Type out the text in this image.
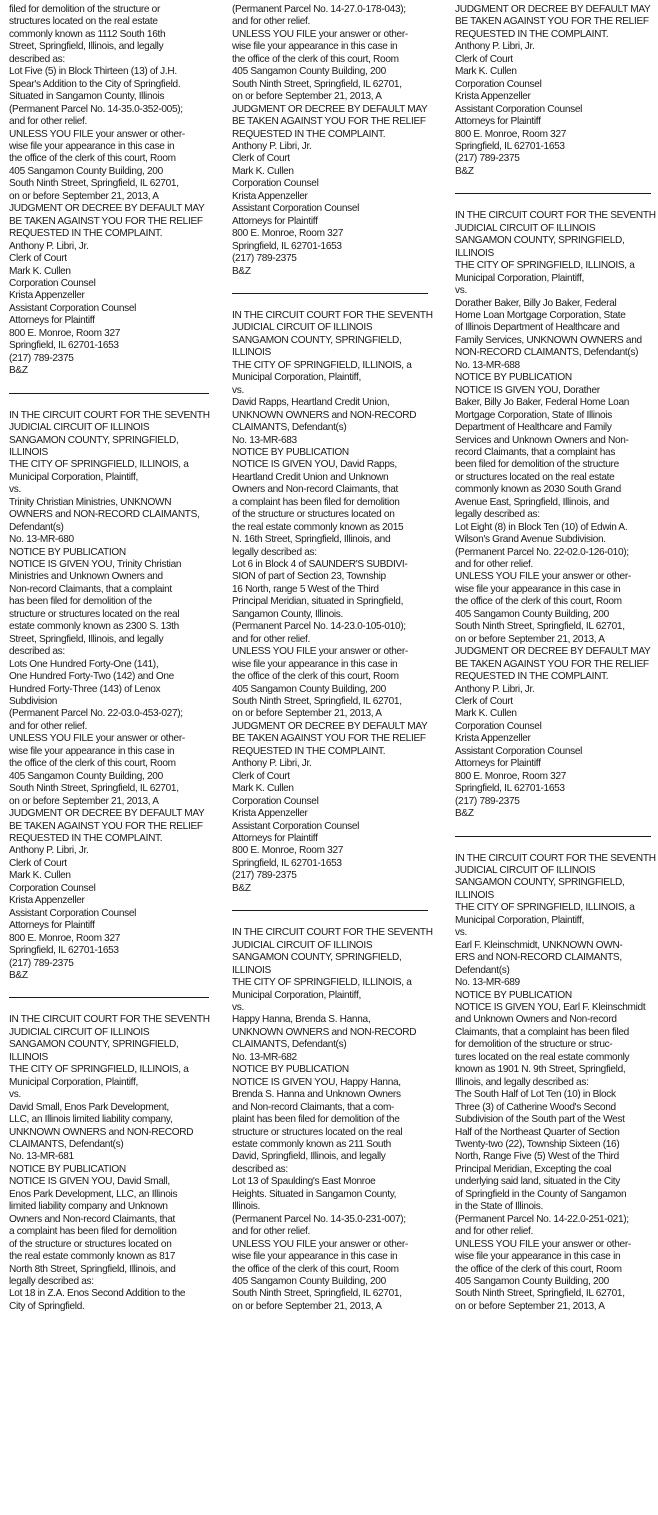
filed for demolition of the structure or
structures located on the real estate
commonly known as 1112 South 16th
Street, Springfield, Illinois, and legally
described as:
Lot Five (5) in Block Thirteen (13) of J.H.
Spear's Addition to the City of Springfield.
Situated in Sangamon County, Illinois
(Permanent Parcel No. 14-35.0-352-005);
and for other relief.
UNLESS YOU FILE your answer or other-
wise file your appearance in this case in
the office of the clerk of this court, Room
405 Sangamon County Building, 200
South Ninth Street, Springfield, IL 62701,
on or before September 21, 2013, A
JUDGMENT OR DECREE BY DEFAULT MAY
BE TAKEN AGAINST YOU FOR THE RELIEF
REQUESTED IN THE COMPLAINT.
Anthony P. Libri, Jr.
Clerk of Court
Mark K. Cullen
Corporation Counsel
Krista Appenzeller
Assistant Corporation Counsel
Attorneys for Plaintiff
800 E. Monroe, Room 327
Springfield, IL 62701-1653
(217) 789-2375
B&Z
IN THE CIRCUIT COURT FOR THE SEVENTH
JUDICIAL CIRCUIT OF ILLINOIS
SANGAMON COUNTY, SPRINGFIELD,
ILLINOIS
THE CITY OF SPRINGFIELD, ILLINOIS, a
Municipal Corporation, Plaintiff,
vs.
Trinity Christian Ministries, UNKNOWN
OWNERS and NON-RECORD CLAIMANTS,
Defendant(s)
No. 13-MR-680
NOTICE BY PUBLICATION
NOTICE IS GIVEN YOU, Trinity Christian
Ministries and Unknown Owners and
Non-record Claimants, that a complaint
has been filed for demolition of the
structure or structures located on the real
estate commonly known as 2300 S. 13th
Street, Springfield, Illinois, and legally
described as:
Lots One Hundred Forty-One (141),
One Hundred Forty-Two (142) and One
Hundred Forty-Three (143) of Lenox
Subdivision
(Permanent Parcel No. 22-03.0-453-027);
and for other relief.
UNLESS YOU FILE your answer or other-
wise file your appearance in this case in
the office of the clerk of this court, Room
405 Sangamon County Building, 200
South Ninth Street, Springfield, IL 62701,
on or before September 21, 2013, A
JUDGMENT OR DECREE BY DEFAULT MAY
BE TAKEN AGAINST YOU FOR THE RELIEF
REQUESTED IN THE COMPLAINT.
Anthony P. Libri, Jr.
Clerk of Court
Mark K. Cullen
Corporation Counsel
Krista Appenzeller
Assistant Corporation Counsel
Attorneys for Plaintiff
800 E. Monroe, Room 327
Springfield, IL 62701-1653
(217) 789-2375
B&Z
IN THE CIRCUIT COURT FOR THE SEVENTH
JUDICIAL CIRCUIT OF ILLINOIS
SANGAMON COUNTY, SPRINGFIELD,
ILLINOIS
THE CITY OF SPRINGFIELD, ILLINOIS, a
Municipal Corporation, Plaintiff,
vs.
David Small, Enos Park Development,
LLC, an Illinois limited liability company,
UNKNOWN OWNERS and NON-RECORD
CLAIMANTS, Defendant(s)
No. 13-MR-681
NOTICE BY PUBLICATION
NOTICE IS GIVEN YOU, David Small,
Enos Park Development, LLC, an Illinois
limited liability company and Unknown
Owners and Non-record Claimants, that
a complaint has been filed for demolition
of the structure or structures located on
the real estate commonly known as 817
North 8th Street, Springfield, Illinois, and
legally described as:
Lot 18 in Z.A. Enos Second Addition to the
City of Springfield.
(Permanent Parcel No. 14-27.0-178-043);
and for other relief.
UNLESS YOU FILE your answer or other-
wise file your appearance in this case in
the office of the clerk of this court, Room
405 Sangamon County Building, 200
South Ninth Street, Springfield, IL 62701,
on or before September 21, 2013, A
JUDGMENT OR DECREE BY DEFAULT MAY
BE TAKEN AGAINST YOU FOR THE RELIEF
REQUESTED IN THE COMPLAINT.
Anthony P. Libri, Jr.
Clerk of Court
Mark K. Cullen
Corporation Counsel
Krista Appenzeller
Assistant Corporation Counsel
Attorneys for Plaintiff
800 E. Monroe, Room 327
Springfield, IL 62701-1653
(217) 789-2375
B&Z
IN THE CIRCUIT COURT FOR THE SEVENTH
JUDICIAL CIRCUIT OF ILLINOIS
SANGAMON COUNTY, SPRINGFIELD,
ILLINOIS
THE CITY OF SPRINGFIELD, ILLINOIS, a
Municipal Corporation, Plaintiff,
vs.
David Rapps, Heartland Credit Union,
UNKNOWN OWNERS and NON-RECORD
CLAIMANTS, Defendant(s)
No. 13-MR-683
NOTICE BY PUBLICATION
NOTICE IS GIVEN YOU, David Rapps,
Heartland Credit Union and Unknown
Owners and Non-record Claimants, that
a complaint has been filed for demolition
of the structure or structures located on
the real estate commonly known as 2015
N. 16th Street, Springfield, Illinois, and
legally described as:
Lot 6 in Block 4 of SAUNDER'S SUBDIVI-
SION of part of Section 23, Township
16 North, range 5 West of the Third
Principal Meridian, situated in Springfield,
Sangamon County, Illinois.
(Permanent Parcel No. 14-23.0-105-010);
and for other relief.
UNLESS YOU FILE your answer or other-
wise file your appearance in this case in
the office of the clerk of this court, Room
405 Sangamon County Building, 200
South Ninth Street, Springfield, IL 62701,
on or before September 21, 2013, A
JUDGMENT OR DECREE BY DEFAULT MAY
BE TAKEN AGAINST YOU FOR THE RELIEF
REQUESTED IN THE COMPLAINT.
Anthony P. Libri, Jr.
Clerk of Court
Mark K. Cullen
Corporation Counsel
Krista Appenzeller
Assistant Corporation Counsel
Attorneys for Plaintiff
800 E. Monroe, Room 327
Springfield, IL 62701-1653
(217) 789-2375
B&Z
IN THE CIRCUIT COURT FOR THE SEVENTH
JUDICIAL CIRCUIT OF ILLINOIS
SANGAMON COUNTY, SPRINGFIELD,
ILLINOIS
THE CITY OF SPRINGFIELD, ILLINOIS, a
Municipal Corporation, Plaintiff,
vs.
Happy Hanna, Brenda S. Hanna,
UNKNOWN OWNERS and NON-RECORD
CLAIMANTS, Defendant(s)
No. 13-MR-682
NOTICE BY PUBLICATION
NOTICE IS GIVEN YOU, Happy Hanna,
Brenda S. Hanna and Unknown Owners
and Non-record Claimants, that a com-
plaint has been filed for demolition of the
structure or structures located on the real
estate commonly known as 211 South
David, Springfield, Illinois, and legally
described as:
Lot 13 of Spaulding's East Monroe
Heights. Situated in Sangamon County,
Illinois.
(Permanent Parcel No. 14-35.0-231-007);
and for other relief.
UNLESS YOU FILE your answer or other-
wise file your appearance in this case in
the office of the clerk of this court, Room
405 Sangamon County Building, 200
South Ninth Street, Springfield, IL 62701,
on or before September 21, 2013, A
JUDGMENT OR DECREE BY DEFAULT MAY
BE TAKEN AGAINST YOU FOR THE RELIEF
REQUESTED IN THE COMPLAINT.
Anthony P. Libri, Jr.
Clerk of Court
Mark K. Cullen
Corporation Counsel
Krista Appenzeller
Assistant Corporation Counsel
Attorneys for Plaintiff
800 E. Monroe, Room 327
Springfield, IL 62701-1653
(217) 789-2375
B&Z
IN THE CIRCUIT COURT FOR THE SEVENTH
JUDICIAL CIRCUIT OF ILLINOIS
SANGAMON COUNTY, SPRINGFIELD,
ILLINOIS
THE CITY OF SPRINGFIELD, ILLINOIS, a
Municipal Corporation, Plaintiff,
vs.
Dorather Baker, Billy Jo Baker, Federal
Home Loan Mortgage Corporation, State
of Illinois Department of Healthcare and
Family Services, UNKNOWN OWNERS and
NON-RECORD CLAIMANTS, Defendant(s)
No. 13-MR-688
NOTICE BY PUBLICATION
NOTICE IS GIVEN YOU, Dorather
Baker, Billy Jo Baker, Federal Home Loan
Mortgage Corporation, State of Illinois
Department of Healthcare and Family
Services and Unknown Owners and Non-
record Claimants, that a complaint has
been filed for demolition of the structure
or structures located on the real estate
commonly known as 2030 South Grand
Avenue East, Springfield, Illinois, and
legally described as:
Lot Eight (8) in Block Ten (10) of Edwin A.
Wilson's Grand Avenue Subdivision.
(Permanent Parcel No. 22-02.0-126-010);
and for other relief.
UNLESS YOU FILE your answer or other-
wise file your appearance in this case in
the office of the clerk of this court, Room
405 Sangamon County Building, 200
South Ninth Street, Springfield, IL 62701,
on or before September 21, 2013, A
JUDGMENT OR DECREE BY DEFAULT MAY
BE TAKEN AGAINST YOU FOR THE RELIEF
REQUESTED IN THE COMPLAINT.
Anthony P. Libri, Jr.
Clerk of Court
Mark K. Cullen
Corporation Counsel
Krista Appenzeller
Assistant Corporation Counsel
Attorneys for Plaintiff
800 E. Monroe, Room 327
Springfield, IL 62701-1653
(217) 789-2375
B&Z
IN THE CIRCUIT COURT FOR THE SEVENTH
JUDICIAL CIRCUIT OF ILLINOIS
SANGAMON COUNTY, SPRINGFIELD,
ILLINOIS
THE CITY OF SPRINGFIELD, ILLINOIS, a
Municipal Corporation, Plaintiff,
vs.
Earl F. Kleinschmidt, UNKNOWN OWN-
ERS and NON-RECORD CLAIMANTS,
Defendant(s)
No. 13-MR-689
NOTICE BY PUBLICATION
NOTICE IS GIVEN YOU, Earl F. Kleinschmidt
and Unknown Owners and Non-record
Claimants, that a complaint has been filed
for demolition of the structure or struc-
tures located on the real estate commonly
known as 1901 N. 9th Street, Springfield,
Illinois, and legally described as:
The South Half of Lot Ten (10) in Block
Three (3) of Catherine Wood's Second
Subdivision of the South part of the West
Half of the Northeast Quarter of Section
Twenty-two (22), Township Sixteen (16)
North, Range Five (5) West of the Third
Principal Meridian, Excepting the coal
underlying said land, situated in the City
of Springfield in the County of Sangamon
in the State of Illinois.
(Permanent Parcel No. 14-22.0-251-021);
and for other relief.
UNLESS YOU FILE your answer or other-
wise file your appearance in this case in
the office of the clerk of this court, Room
405 Sangamon County Building, 200
South Ninth Street, Springfield, IL 62701,
on or before September 21, 2013, A
